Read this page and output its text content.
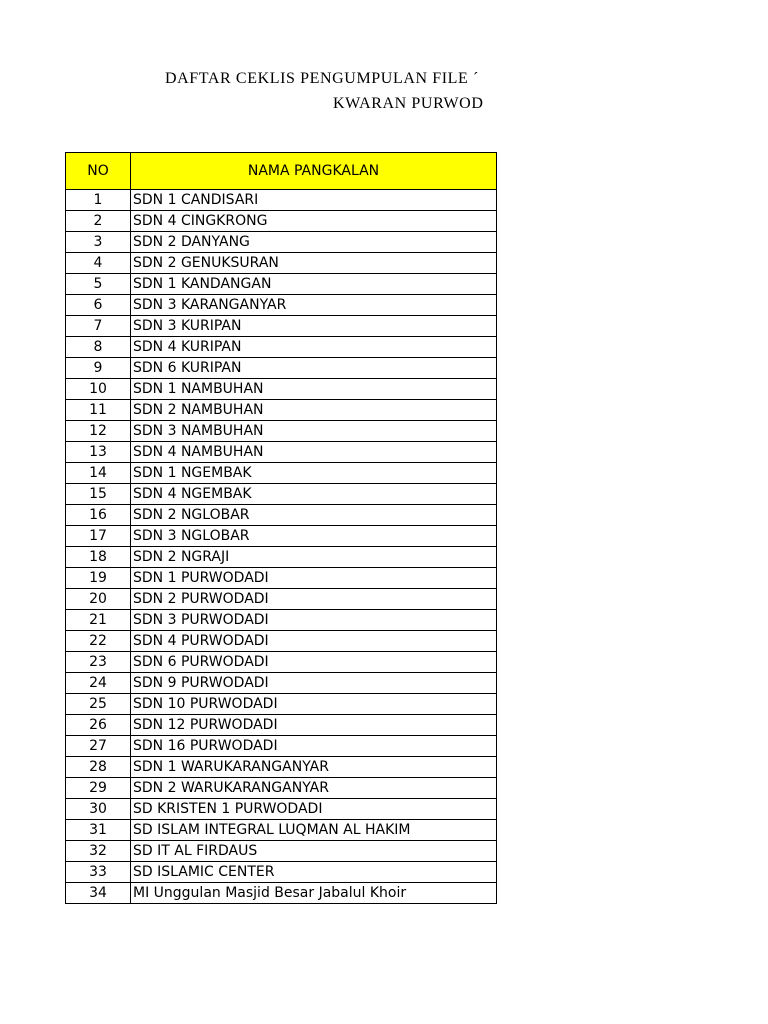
DAFTAR CEKLIS PENGUMPULAN FILE ´
KWARAN PURWOD
NO	NAMA PANGKALAN
1	SDN 1 CANDISARI
2	SDN 4 CINGKRONG
3	SDN 2 DANYANG
4	SDN 2 GENUKSURAN
5	SDN 1 KANDANGAN
6	SDN 3 KARANGANYAR
7	SDN 3 KURIPAN
8	SDN 4 KURIPAN
9	SDN 6 KURIPAN
10	SDN 1 NAMBUHAN
11	SDN 2 NAMBUHAN
12	SDN 3 NAMBUHAN
13	SDN 4 NAMBUHAN
14	SDN 1 NGEMBAK
15	SDN 4 NGEMBAK
16	SDN 2 NGLOBAR
17	SDN 3 NGLOBAR
18	SDN 2 NGRAJI
19	SDN 1 PURWODADI
20	SDN 2 PURWODADI
21	SDN 3 PURWODADI
22	SDN 4 PURWODADI
23	SDN 6 PURWODADI
24	SDN 9 PURWODADI
25	SDN 10 PURWODADI
26	SDN 12 PURWODADI
27	SDN 16 PURWODADI
28	SDN 1 WARUKARANGANYAR
29	SDN 2 WARUKARANGANYAR
30	SD KRISTEN 1 PURWODADI
31	SD ISLAM INTEGRAL LUQMAN AL HAKIM
32	SD IT AL FIRDAUS
33	SD ISLAMIC CENTER
34	MI Unggulan Masjid Besar Jabalul Khoir
